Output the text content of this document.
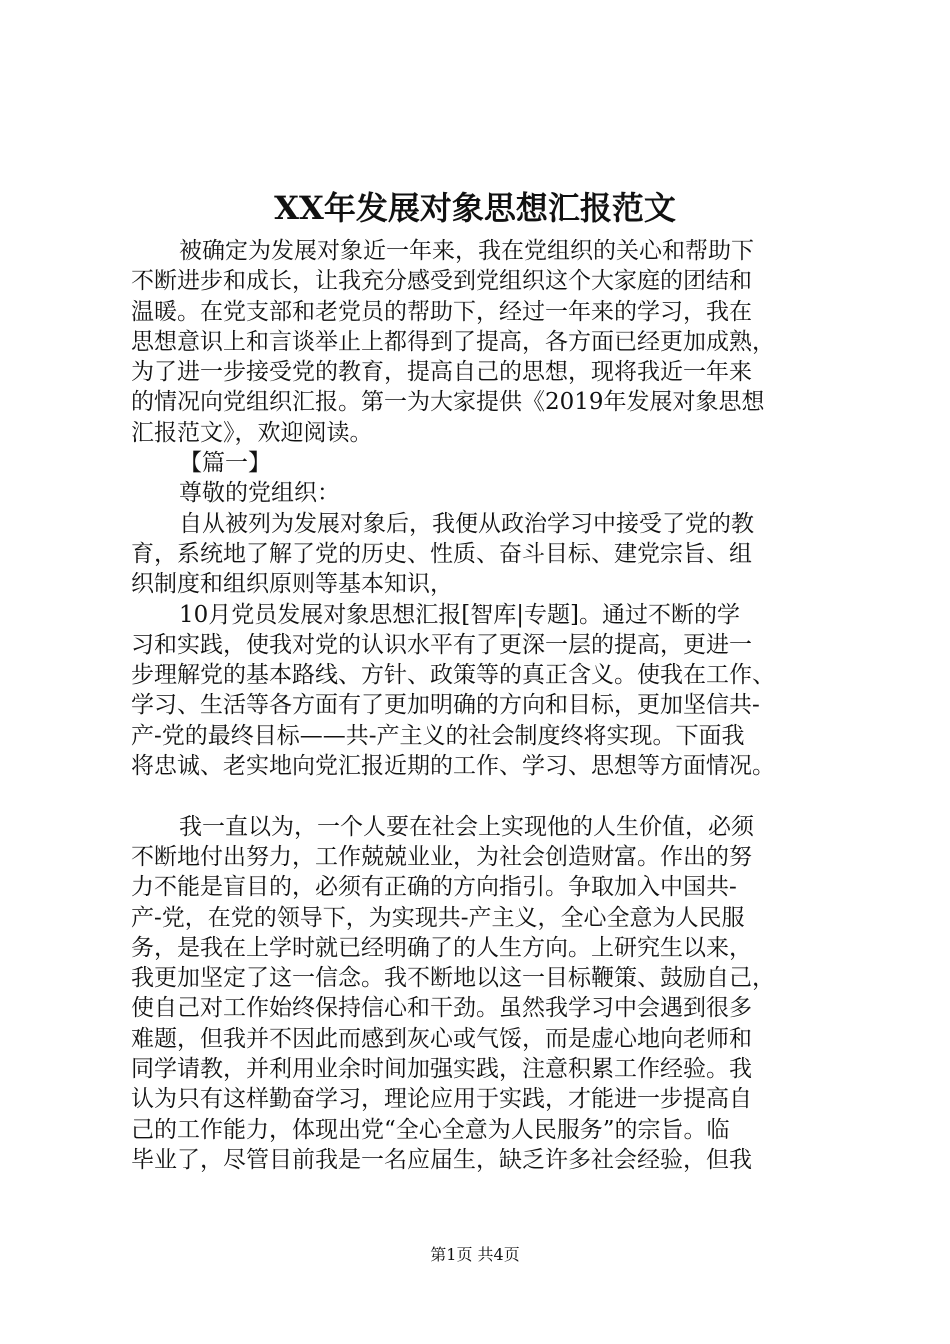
XX年发展对象思想汇报范文
被确定为发展对象近一年来，我在党组织的关心和帮助下
不断进步和成长，让我充分感受到党组织这个大家庭的团结和
温暖。在党支部和老党员的帮助下，经过一年来的学习，我在
思想意识上和言谈举止上都得到了提高，各方面已经更加成熟，
为了进一步接受党的教育，提高自己的思想，现将我近一年来
的情况向党组织汇报。第一为大家提供《2019年发展对象思想
汇报范文》，欢迎阅读。
【篇一】
尊敬的党组织：
自从被列为发展对象后，我便从政治学习中接受了党的教
育，系统地了解了党的历史、性质、奋斗目标、建党宗旨、组
织制度和组织原则等基本知识，
10月党员发展对象思想汇报[智库|专题]。通过不断的学
习和实践，使我对党的认识水平有了更深一层的提高，更进一
步理解党的基本路线、方针、政策等的真正含义。使我在工作、
学习、生活等各方面有了更加明确的方向和目标，更加坚信共-
产-党的最终目标——共-产主义的社会制度终将实现。下面我
将忠诚、老实地向党汇报近期的工作、学习、思想等方面情况。
我一直以为，一个人要在社会上实现他的人生价值，必须
不断地付出努力，工作兢兢业业，为社会创造财富。作出的努
力不能是盲目的，必须有正确的方向指引。争取加入中国共-
产-党，在党的领导下，为实现共-产主义，全心全意为人民服
务，是我在上学时就已经明确了的人生方向。上研究生以来，
我更加坚定了这一信念。我不断地以这一目标鞭策、鼓励自己，
使自己对工作始终保持信心和干劲。虽然我学习中会遇到很多
难题，但我并不因此而感到灰心或气馁，而是虚心地向老师和
同学请教，并利用业余时间加强实践，注意积累工作经验。我
认为只有这样勤奋学习，理论应用于实践，才能进一步提高自
己的工作能力，体现出党“全心全意为人民服务”的宗旨。临
毕业了，尽管目前我是一名应届生，缺乏许多社会经验，但我
第1页 共4页
